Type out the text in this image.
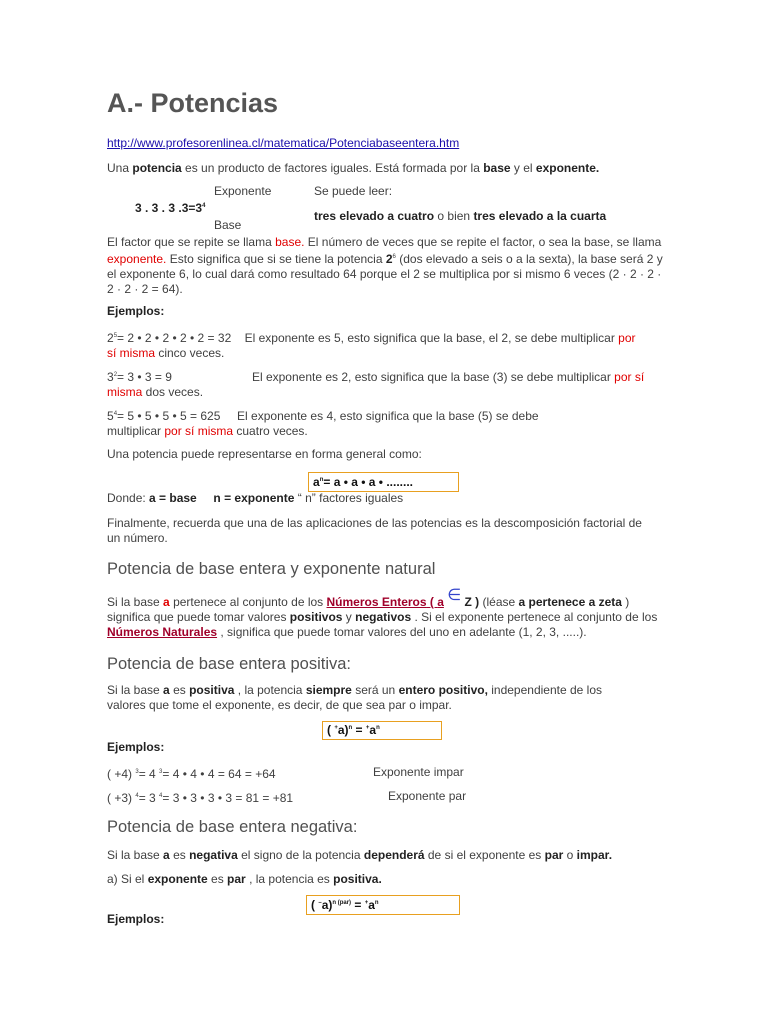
A.- Potencias
http://www.profesorenlinea.cl/matematica/Potenciabaseentera.htm

Una potencia es un producto de factores iguales. Está formada por la base y el exponente.

Exponente
3 . 3 . 3 $.3=3^4$
Base
Se puede leer:
tres elevado a cuatro o bien tres elevado a la cuarta

El factor que se repite se llama base. El número de veces que se repite el factor, o sea la base, se llama exponente. Esto significa que si se tiene la potencia $2^6$ (dos elevado a seis o a la sexta), la base será 2 y el exponente 6, lo cual dará como resultado 64 porque el 2 se multiplica por si mismo 6 veces (2 · 2 · 2 · 2 · 2 · 2 = 64).

Ejemplos:

$2^5= 2$ • 2 • 2 • 2 • 2 = 32 El exponente es 5, esto significa que la base, el 2, se debe multiplicar por sí misma cinco veces.

$3^2= 3$ • 3 = 9	El exponente es 2, esto significa que la base (3) se debe multiplicar por sí misma dos veces.

$5^4= 5$ • 5 • 5 • 5 = 625 El exponente es 4, esto significa que la base (5) se debe multiplicar por sí misma cuatro veces.

Una potencia puede representarse en forma general como:

$a^n= a$ • a • a • ........

Donde: a = base n = exponente “ n” factores iguales

Finalmente, recuerda que una de las aplicaciones de las potencias es la descomposición factorial de un número.

Potencia de base entera y exponente natural

Si la base a pertenece al conjunto de los Números Enteros ( a ∈ Z ) (léase a pertenece a zeta ) significa que puede tomar valores positivos y negativos . Si el exponente pertenece al conjunto de los Números Naturales , significa que puede tomar valores del uno en adelante (1, 2, 3, .....).

Potencia de base entera positiva:

Si la base a es positiva , la potencia siempre será un entero positivo, independiente de los valores que tome el exponente, es decir, de que sea par o impar.

( $^+a)^n = ^+a^n$

Ejemplos:

( +4) $^3$= 4 $^3$= 4 • 4 • 4 = 64 = +64	Exponente impar

( +3) $^4$= 3 $^4$= 3 • 3 • 3 • 3 = 81 = +81	Exponente par
Potencia de base entera negativa:

Si la base a es negativa el signo de la potencia dependerá de si el exponente es par o impar.

a) Si el exponente es par , la potencia es positiva.

( $^-a)^{n (par)} = ^+a^n$

Ejemplos:
